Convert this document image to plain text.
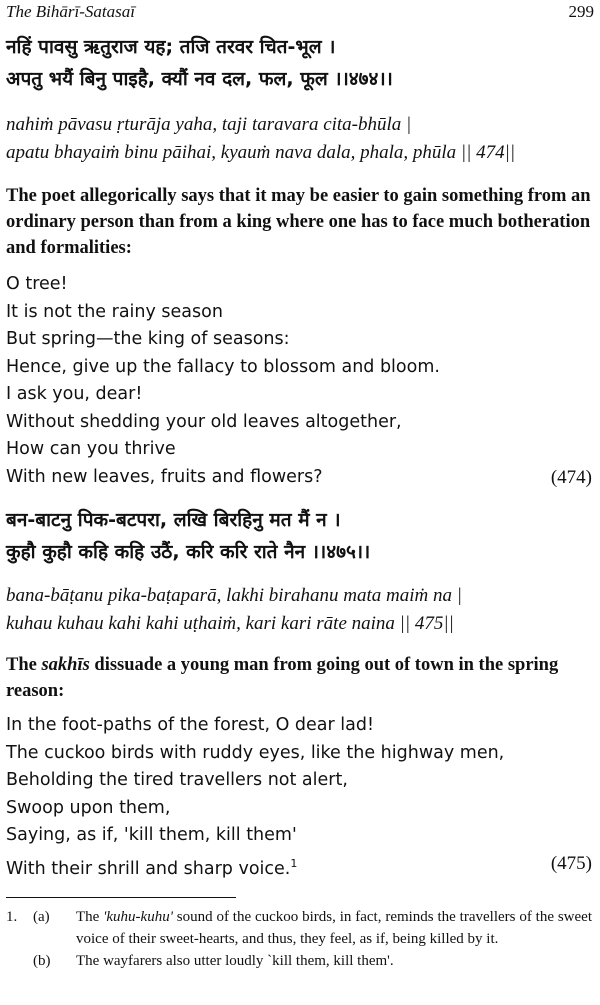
The Bihārī-Satasaī	299
नहिं पावसु ऋतुराज यह; तजि तरवर चित-भूल ।
अपतु भयैं बिनु पाइहै, क्यौं नव दल, फल, फूल ।।४७४।।
nahiṁ pāvasu ṛturāja yaha, taji taravara cita-bhūla |
apatu bhayaiṁ binu pāihai, kyauṁ nava dala, phala, phūla || 474||
The poet allegorically says that it may be easier to gain something from an ordinary person than from a king where one has to face much botheration and formalities:
O tree!
It is not the rainy season
But spring—the king of seasons:
Hence, give up the fallacy to blossom and bloom.
I ask you, dear!
Without shedding your old leaves altogether,
How can you thrive
With new leaves, fruits and flowers?	(474)
बन-बाटनु पिक-बटपरा, लखि बिरहिनु मत मैं न ।
कुहौ कुहौ कहि कहि उठैं, करि करि राते नैन ।।४७५।।
bana-bāṭanu pika-baṭaparā, lakhi birahanu mata maiṁ na |
kuhau kuhau kahi kahi uṭhaiṁ, kari kari rāte naina || 475||
The sakhīs dissuade a young man from going out of town in the spring reason:
In the foot-paths of the forest, O dear lad!
The cuckoo birds with ruddy eyes, like the highway men,
Beholding the tired travellers not alert,
Swoop upon them,
Saying, as if, 'kill them, kill them'
With their shrill and sharp voice.$^1$	(475)
1. (a) The 'kuhu-kuhu' sound of the cuckoo birds, in fact, reminds the travellers of the sweet voice of their sweet-hearts, and thus, they feel, as if, being killed by it.
(b) The wayfarers also utter loudly `kill them, kill them'.
